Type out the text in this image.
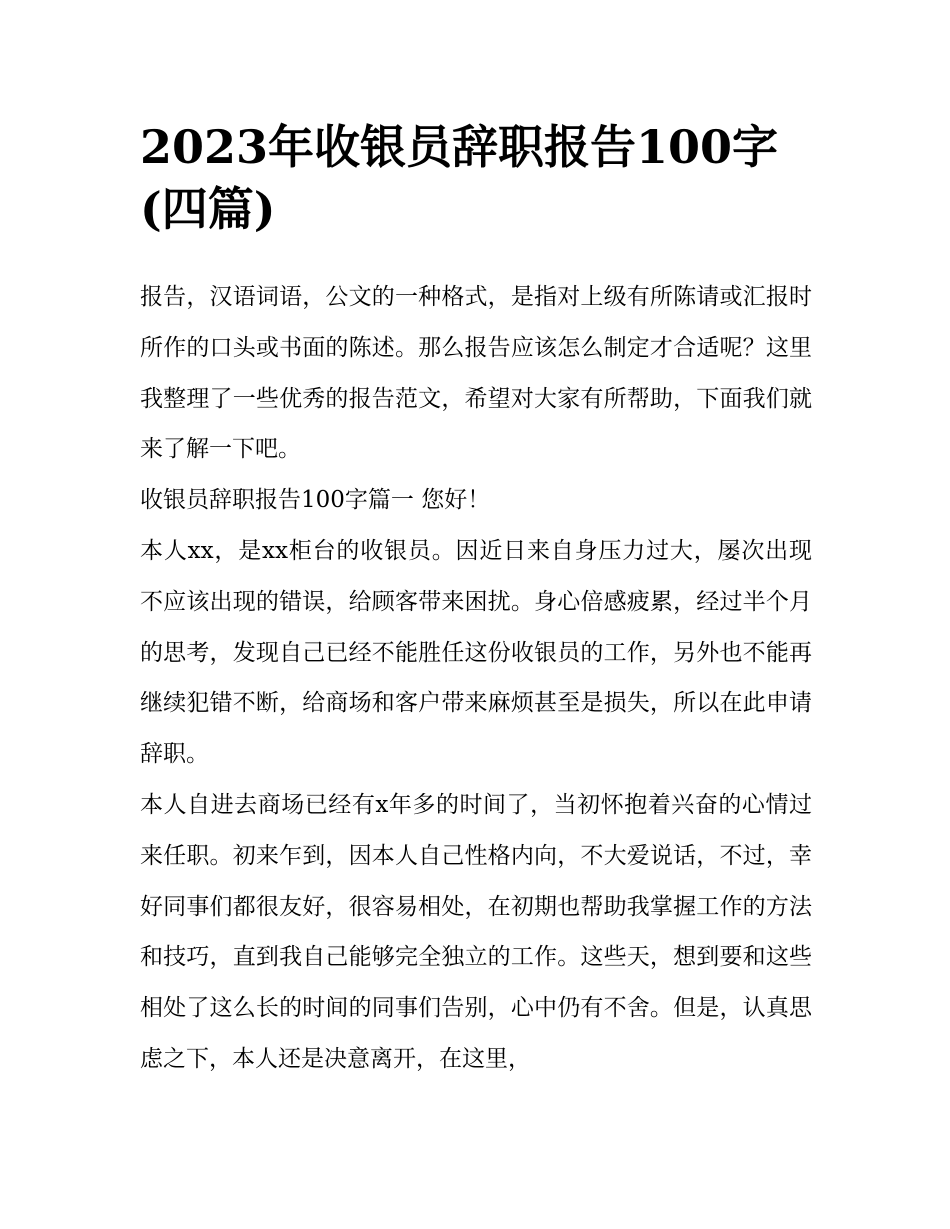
2023年收银员辞职报告100字(四篇)

报告，汉语词语，公文的一种格式，是指对上级有所陈请或汇报时所作的口头或书面的陈述。那么报告应该怎么制定才合适呢？这里我整理了一些优秀的报告范文，希望对大家有所帮助，下面我们就来了解一下吧。

收银员辞职报告100字篇一 您好！

本人xx，是xx柜台的收银员。因近日来自身压力过大，屡次出现不应该出现的错误，给顾客带来困扰。身心倍感疲累，经过半个月的思考，发现自己已经不能胜任这份收银员的工作，另外也不能再继续犯错不断，给商场和客户带来麻烦甚至是损失，所以在此申请辞职。

本人自进去商场已经有x年多的时间了，当初怀抱着兴奋的心情过来任职。初来乍到，因本人自己性格内向，不大爱说话，不过，幸好同事们都很友好，很容易相处，在初期也帮助我掌握工作的方法和技巧，直到我自己能够完全独立的工作。这些天，想到要和这些相处了这么长的时间的同事们告别，心中仍有不舍。但是，认真思虑之下，本人还是决意离开，在这里，
